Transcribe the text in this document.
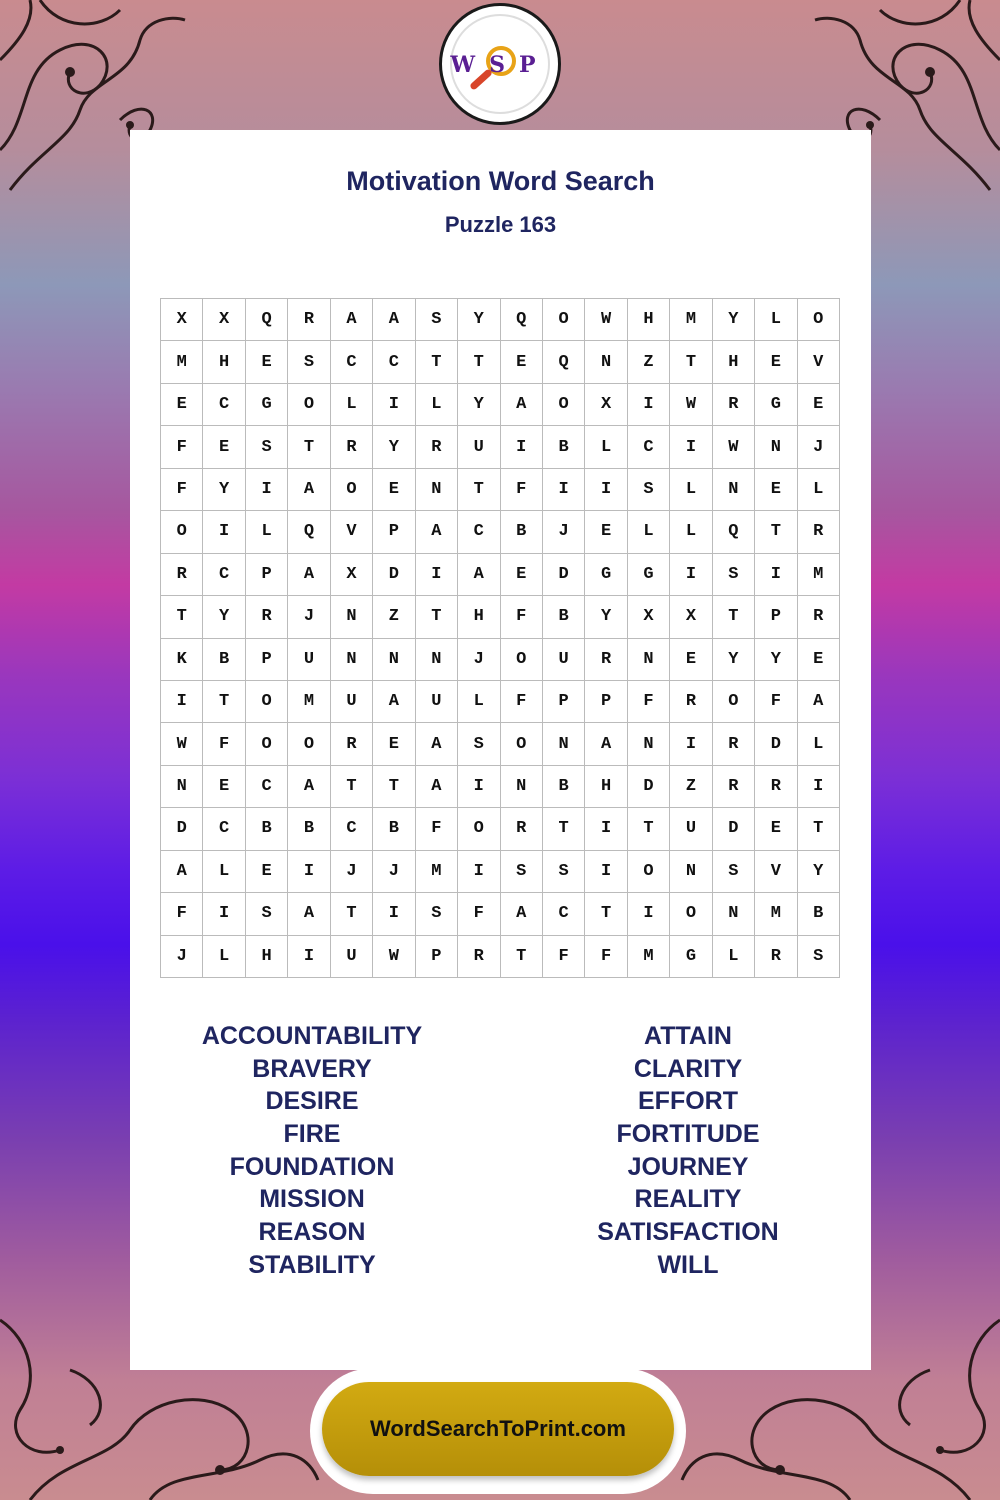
WSP
Motivation Word Search
Puzzle 163
X	X	Q	R	A	A	S	Y	Q	O	W	H	M	Y	L	O
M	H	E	S	C	C	T	T	E	Q	N	Z	T	H	E	V
E	C	G	O	L	I	L	Y	A	O	X	I	W	R	G	E
F	E	S	T	R	Y	R	U	I	B	L	C	I	W	N	J
F	Y	I	A	O	E	N	T	F	I	I	S	L	N	E	L
O	I	L	Q	V	P	A	C	B	J	E	L	L	Q	T	R
R	C	P	A	X	D	I	A	E	D	G	G	I	S	I	M
T	Y	R	J	N	Z	T	H	F	B	Y	X	X	T	P	R
K	B	P	U	N	N	N	J	O	U	R	N	E	Y	Y	E
I	T	O	M	U	A	U	L	F	P	P	F	R	O	F	A
W	F	O	O	R	E	A	S	O	N	A	N	I	R	D	L
N	E	C	A	T	T	A	I	N	B	H	D	Z	R	R	I
D	C	B	B	C	B	F	O	R	T	I	T	U	D	E	T
A	L	E	I	J	J	M	I	S	S	I	O	N	S	V	Y
F	I	S	A	T	I	S	F	A	C	T	I	O	N	M	B
J	L	H	I	U	W	P	R	T	F	F	M	G	L	R	S
ACCOUNTABILITY
BRAVERY
DESIRE
FIRE
FOUNDATION
MISSION
REASON
STABILITY
ATTAIN
CLARITY
EFFORT
FORTITUDE
JOURNEY
REALITY
SATISFACTION
WILL
WordSearchToPrint.com
